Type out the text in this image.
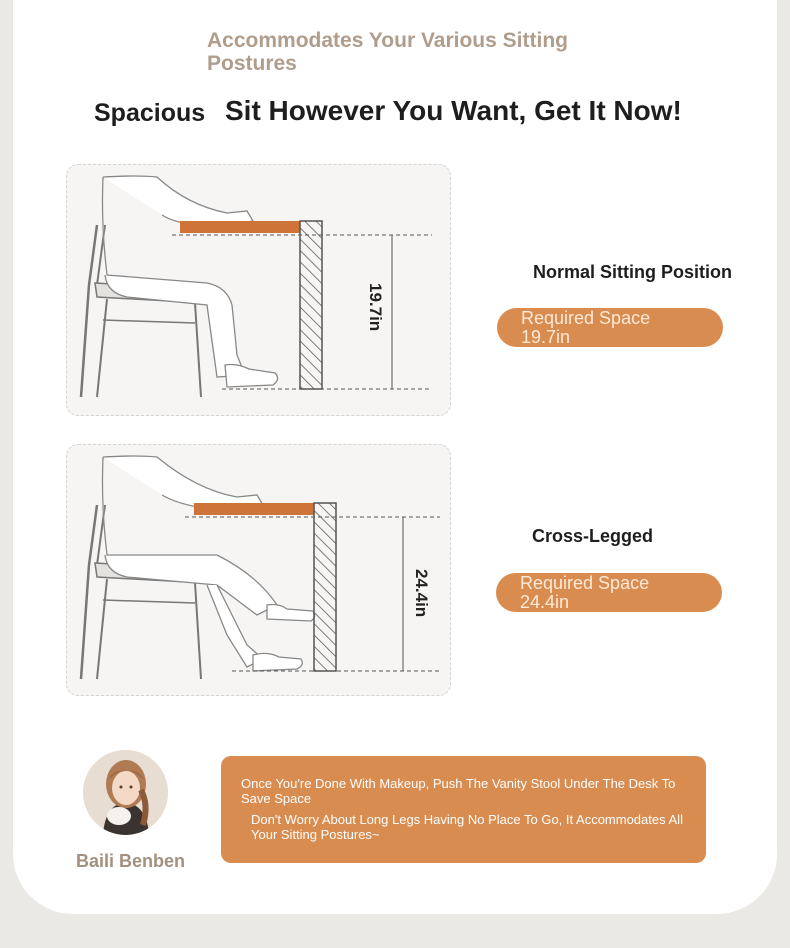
Accommodates Your Various Sitting Postures
Spacious Sit However You Want, Get It Now!
19.7in
Normal Sitting Position
Required Space
19.7in
24.4in
Cross-Legged
Required Space
24.4in
Baili Benben
Once You're Done With Makeup, Push The Vanity Stool Under The Desk To Save Space
Don't Worry About Long Legs Having No Place To Go, It Accommodates All Your Sitting Postures~
